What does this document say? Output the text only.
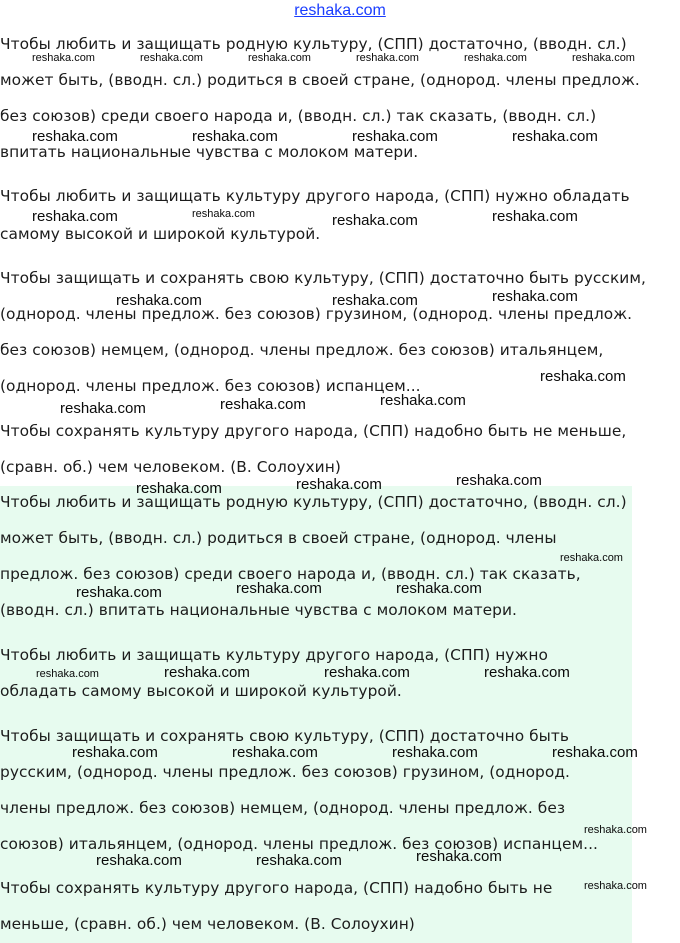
reshaka.com
Чтобы любить и защищать родную культуру, (СПП) достаточно, (вводн. сл.)
может быть, (вводн. сл.) родиться в своей стране, (однород. члены предлож.
без союзов) среди своего народа и, (вводн. сл.) так сказать, (вводн. сл.)
впитать национальные чувства с молоком матери.
Чтобы любить и защищать культуру другого народа, (СПП) нужно обладать
самому высокой и широкой культурой.
Чтобы защищать и сохранять свою культуру, (СПП) достаточно быть русским,
(однород. члены предлож. без союзов) грузином, (однород. члены предлож.
без союзов) немцем, (однород. члены предлож. без союзов) итальянцем,
(однород. члены предлож. без союзов) испанцем...
Чтобы сохранять культуру другого народа, (СПП) надобно быть не меньше,
(сравн. об.) чем человеком. (В. Солоухин)
Чтобы любить и защищать родную культуру, (СПП) достаточно, (вводн. сл.)
может быть, (вводн. сл.) родиться в своей стране, (однород. члены
предлож. без союзов) среди своего народа и, (вводн. сл.) так сказать,
(вводн. сл.) впитать национальные чувства с молоком матери.
Чтобы любить и защищать культуру другого народа, (СПП) нужно
обладать самому высокой и широкой культурой.
Чтобы защищать и сохранять свою культуру, (СПП) достаточно быть
русским, (однород. члены предлож. без союзов) грузином, (однород.
члены предлож. без союзов) немцем, (однород. члены предлож. без
союзов) итальянцем, (однород. члены предлож. без союзов) испанцем...
Чтобы сохранять культуру другого народа, (СПП) надобно быть не
меньше, (сравн. об.) чем человеком. (В. Солоухин)
reshaka.com	reshaka.com	reshaka.com	reshaka.com	reshaka.com	reshaka.com
reshaka.com	reshaka.com	reshaka.com	reshaka.com
reshaka.com	reshaka.com	reshaka.com	reshaka.com
reshaka.com	reshaka.com	reshaka.com
reshaka.com
reshaka.com	reshaka.com	reshaka.com
reshaka.com	reshaka.com	reshaka.com
reshaka.com
reshaka.com	reshaka.com	reshaka.com
reshaka.com	reshaka.com	reshaka.com	reshaka.com
reshaka.com	reshaka.com	reshaka.com	reshaka.com
reshaka.com
reshaka.com	reshaka.com	reshaka.com
reshaka.com
